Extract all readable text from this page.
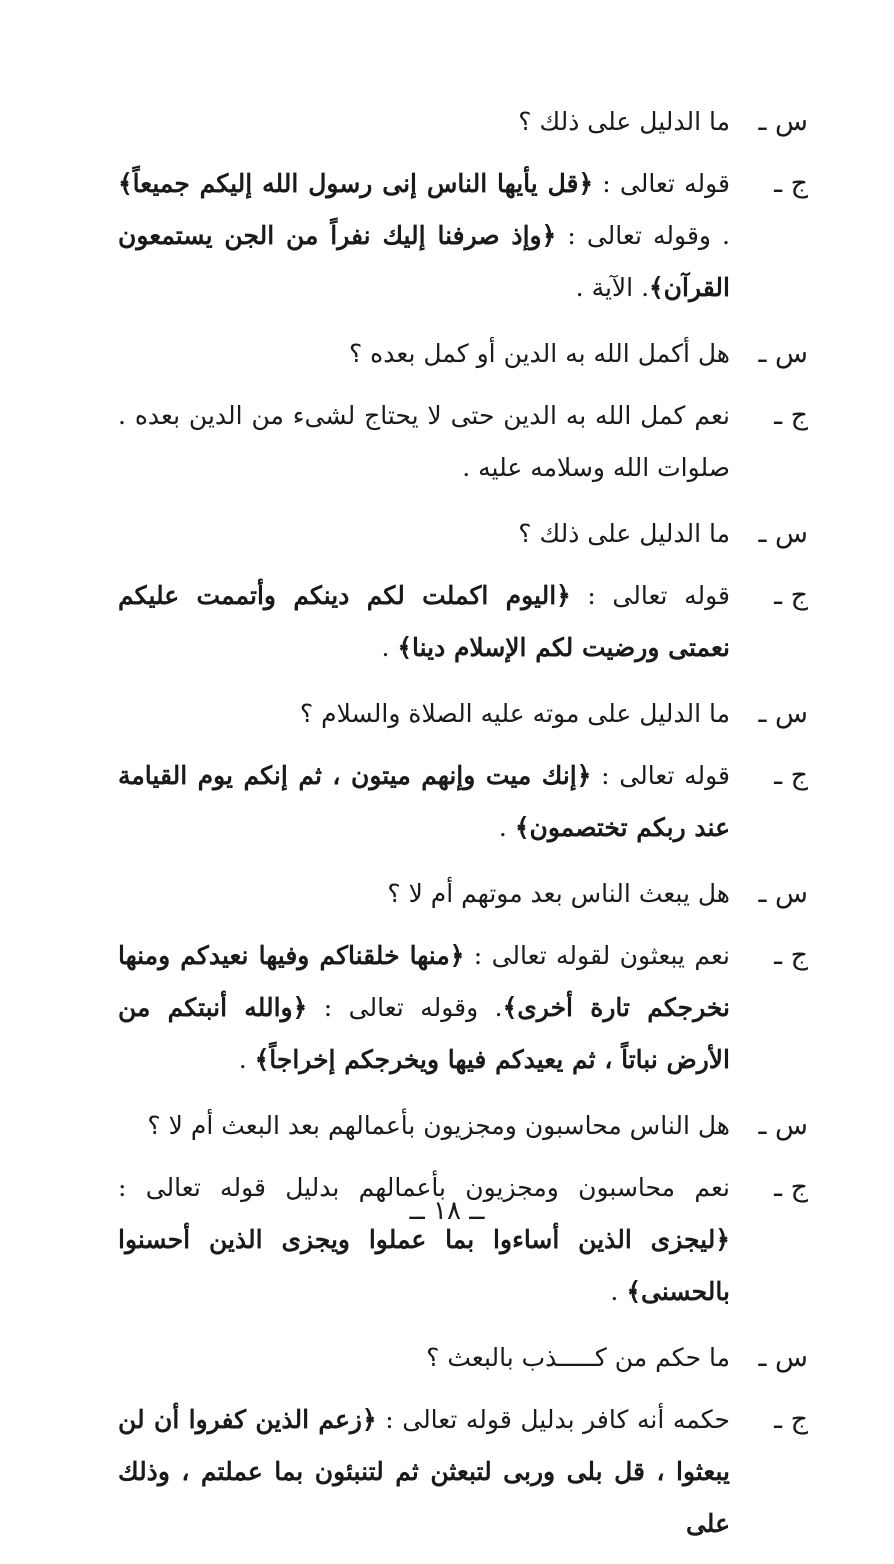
س ـ
ما الدليل على ذلك ؟
ج ـ
قوله تعالى : ﴿قل يأيها الناس إنى رسول الله إليكم جميعاً﴾ . وقوله تعالى : ﴿وإذ صرفنا إليك نفراً من الجن يستمعون القرآن﴾. الآية .
س ـ
هل أكمل الله به الدين أو كمل بعده ؟
ج ـ
نعم كمل الله به الدين حتى لا يحتاج لشىء من الدين بعده . صلوات الله وسلامه عليه .
س ـ
ما الدليل على ذلك ؟
ج ـ
قوله تعالى : ﴿اليوم اكملت لكم دينكم وأتممت عليكم نعمتى ورضيت لكم الإسلام دينا﴾ .
س ـ
ما الدليل على موته عليه الصلاة والسلام ؟
ج ـ
قوله تعالى : ﴿إنك ميت وإنهم ميتون ، ثم إنكم يوم القيامة عند ربكم تختصمون﴾ .
س ـ
هل يبعث الناس بعد موتهم أم لا ؟
ج ـ
نعم يبعثون لقوله تعالى : ﴿منها خلقناكم وفيها نعيدكم ومنها نخرجكم تارة أخرى﴾. وقوله تعالى : ﴿والله أنبتكم من الأرض نباتاً ، ثم يعيدكم فيها ويخرجكم إخراجاً﴾ .
س ـ
هل الناس محاسبون ومجزيون بأعمالهم بعد البعث أم لا ؟
ج ـ
نعم محاسبون ومجزيون بأعمالهم بدليل قوله تعالى : ﴿ليجزى الذين أساءوا بما عملوا ويجزى الذين أحسنوا بالحسنى﴾ .
س ـ
ما حكم من كـــــذب بالبعث ؟
ج ـ
حكمه أنه كافر بدليل قوله تعالى : ﴿زعم الذين كفروا أن لن يبعثوا ، قل بلى وربى لتبعثن ثم لتنبئون بما عملتم ، وذلك على
ــ ١٨ ــ
